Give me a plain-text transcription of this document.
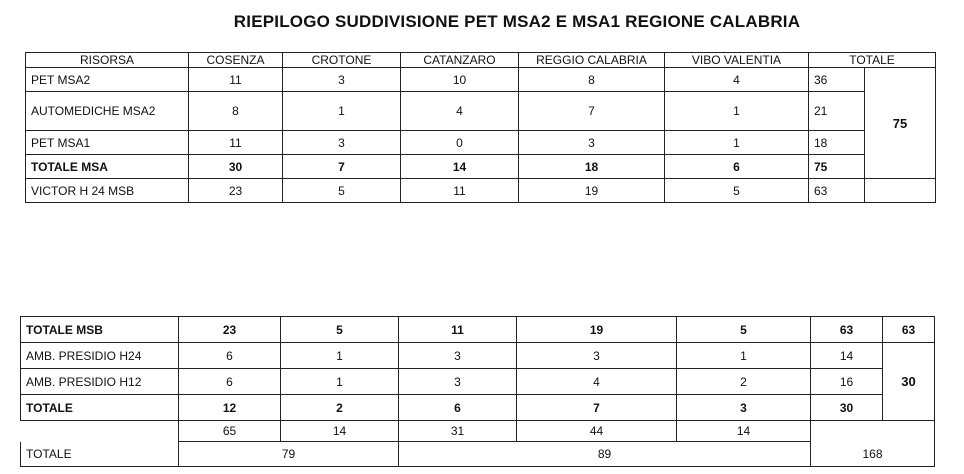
RIEPILOGO SUDDIVISIONE PET MSA2 E MSA1 REGIONE CALABRIA
RISORSA	COSENZA	CROTONE	CATANZARO	REGGIO CALABRIA	VIBO VALENTIA	TOTALE	
PET MSA2	11	3	10	8	4	36	75
AUTOMEDICHE MSA2	8	1	4	7	1	21	
PET MSA1	11	3	0	3	1	18	
TOTALE MSA	30	7	14	18	6	75	
VICTOR H 24 MSB	23	5	11	19	5	63	
TOTALE MSB	23	5	11	19	5	63	63
AMB. PRESIDIO H24	6	1	3	3	1	14	30
AMB. PRESIDIO H12	6	1	3	4	2	16	
TOTALE	12	2	6	7	3	30	
	65	14	31	44	14		
TOTALE	79		89			168	
